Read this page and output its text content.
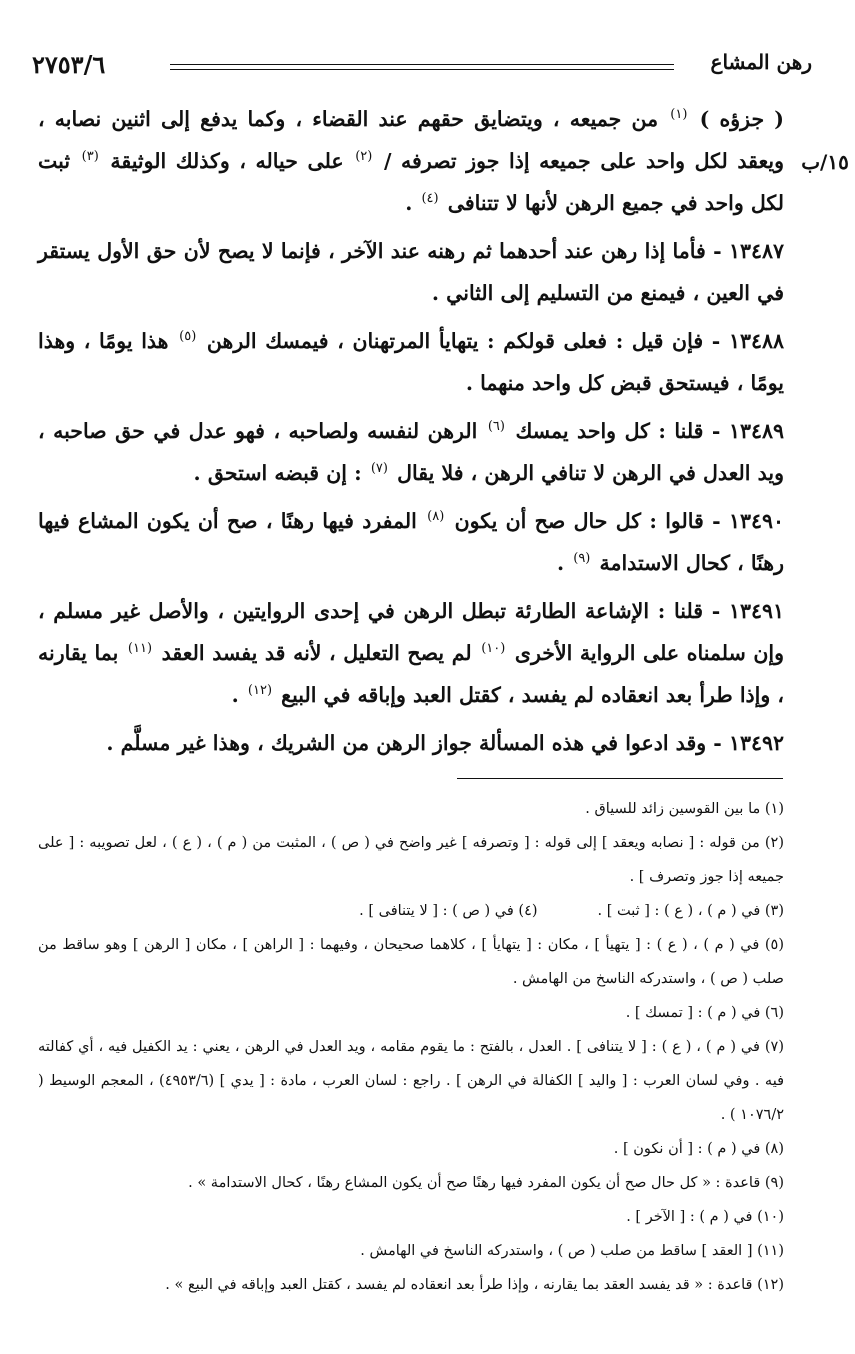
٢٧٥٣/٦	رهن المشاع
١٥/ب

( جزؤه ) $^{(١)}$ من جميعه ، ويتضايق حقهم عند القضاء ، وكما يدفع إلى اثنين نصابه ، ويعقد لكل واحد على جميعه إذا جوز تصرفه / $^{(٢)}$ على حياله ، وكذلك الوثيقة $^{(٣)}$ ثبت لكل واحد في جميع الرهن لأنها لا تتنافى $^{(٤)}$ .

١٣٤٨٧ - فأما إذا رهن عند أحدهما ثم رهنه عند الآخر ، فإنما لا يصح لأن حق الأول يستقر في العين ، فيمنع من التسليم إلى الثاني .

١٣٤٨٨ - فإن قيل : فعلى قولكم : يتهايأ المرتهنان ، فيمسك الرهن $^{(٥)}$ هذا يومًا ، وهذا يومًا ، فيستحق قبض كل واحد منهما .

١٣٤٨٩ - قلنا : كل واحد يمسك $^{(٦)}$ الرهن لنفسه ولصاحبه ، فهو عدل في حق صاحبه ، ويد العدل في الرهن لا تنافي الرهن ، فلا يقال $^{(٧)}$ : إن قبضه استحق .

١٣٤٩٠ - قالوا : كل حال صح أن يكون $^{(٨)}$ المفرد فيها رهنًا ، صح أن يكون المشاع فيها رهنًا ، كحال الاستدامة $^{(٩)}$ .

١٣٤٩١ - قلنا : الإشاعة الطارئة تبطل الرهن في إحدى الروايتين ، والأصل غير مسلم ، وإن سلمناه على الرواية الأخرى $^{(١٠)}$ لم يصح التعليل ، لأنه قد يفسد العقد $^{(١١)}$ بما يقارنه ، وإذا طرأ بعد انعقاده لم يفسد ، كقتل العبد وإباقه في البيع $^{(١٢)}$ .

١٣٤٩٢ - وقد ادعوا في هذه المسألة جواز الرهن من الشريك ، وهذا غير مسلَّم .

(١) ما بين القوسين زائد للسياق .

(٢) من قوله : [ نصابه ويعقد ] إلى قوله : [ وتصرفه ] غير واضح في ( ص ) ، المثبت من ( م ) ، ( ع ) ، لعل تصويبه : [ على جميعه إذا جوز وتصرف ] .

(٣) في ( م ) ، ( ع ) : [ ثبت ] .
(٤) في ( ص ) : [ لا يتنافى ] .

(٥) في ( م ) ، ( ع ) : [ يتهيأ ] ، مكان : [ يتهايأ ] ، كلاهما صحيحان ، وفيهما : [ الراهن ] ، مكان [ الرهن ] وهو ساقط من صلب ( ص ) ، واستدركه الناسخ من الهامش .

(٦) في ( م ) : [ تمسك ] .

(٧) في ( م ) ، ( ع ) : [ لا يتنافى ] . العدل ، بالفتح : ما يقوم مقامه ، ويد العدل في الرهن ، يعني : يد الكفيل فيه ، أي كفالته فيه . وفي لسان العرب : [ واليد ] الكفالة في الرهن ] . راجع : لسان العرب ، مادة : [ يدي ] (٤٩٥٣/٦) ، المعجم الوسيط ( ١٠٧٦/٢ ) .

(٨) في ( م ) : [ أن نكون ] .

(٩) قاعدة : « كل حال صح أن يكون المفرد فيها رهنًا صح أن يكون المشاع رهنًا ، كحال الاستدامة » .

(١٠) في ( م ) : [ الآخر ] .

(١١) [ العقد ] ساقط من صلب ( ص ) ، واستدركه الناسخ في الهامش .

(١٢) قاعدة : « قد يفسد العقد بما يقارنه ، وإذا طرأ بعد انعقاده لم يفسد ، كقتل العبد وإباقه في البيع » .
